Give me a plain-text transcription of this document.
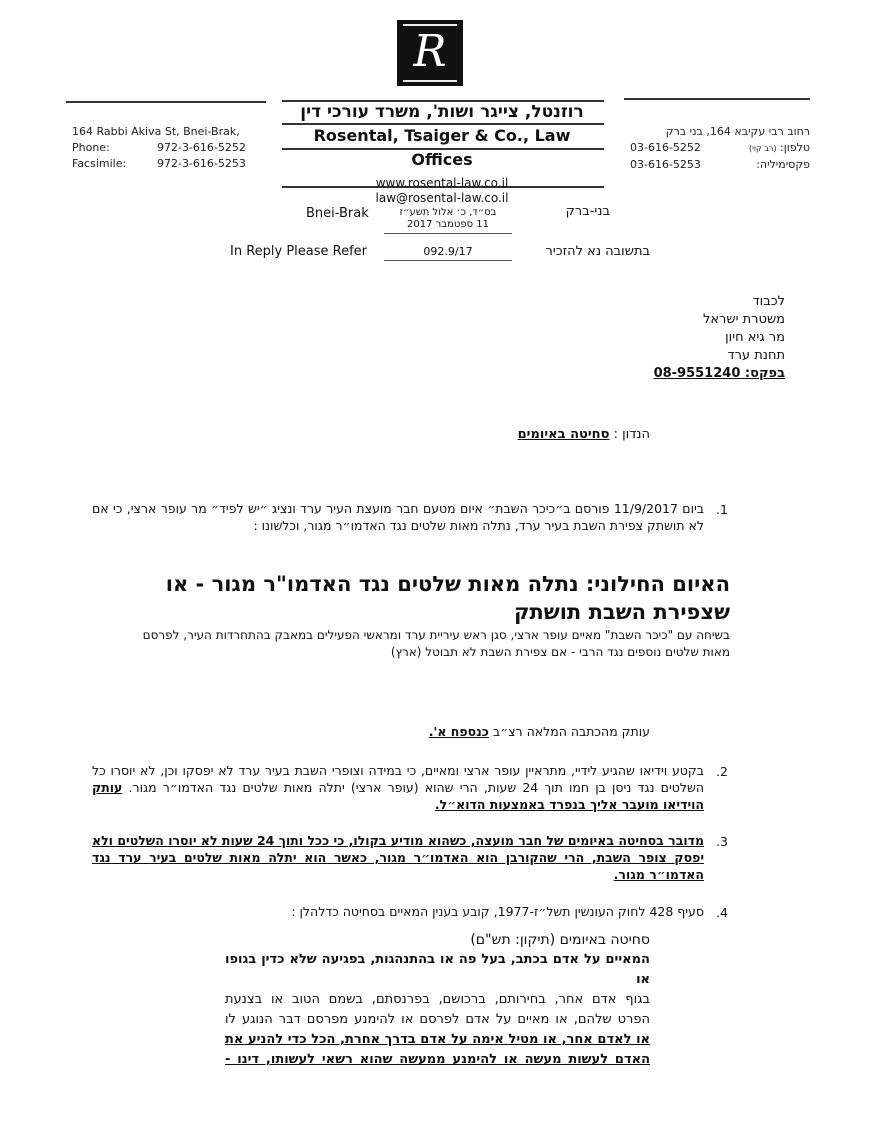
R
רוזנטל, צייגר ושות', משרד עורכי דין
Rosental, Tsaiger & Co., Law Offices
www.rosental-law.co.il
law@rosental-law.co.il
164 Rabbi Akiva St, Bnei-Brak,
Phone:	972-3-616-5252
Facsimile:	972-3-616-5253
רחוב רבי עקיבא 164, בני ברק
טלפון: (רב קוי)
03-616-5252
פקסימיליה:
03-616-5253
Bnei-Brak	בס״ד, כ׳ אלול תשע״ז
11 ספטמבר 2017
בני-ברק
In Reply Please Refer	092.9/17	בתשובה נא להזכיר
לכבוד
משטרת ישראל
מר גיא חיון
תחנת ערד
בפקס: 08-9551240
הנדון : סחיטה באיומים
.1
ביום 11/9/2017 פורסם ב״כיכר השבת״ איום מטעם חבר מועצת העיר ערד ונציג ״יש לפיד״ מר עופר ארצי, כי אם לא תושתק צפירת השבת בעיר ערד, נתלה מאות שלטים נגד האדמו״ר מגור, וכלשונו :
האיום החילוני: נתלה מאות שלטים נגד האדמו"ר מגור - או שצפירת השבת תושתק
בשיחה עם "כיכר השבת" מאיים עופר ארצי, סגן ראש עיריית ערד ומראשי הפעילים במאבק בהתחרדות העיר, לפרסם מאות שלטים נוספים נגד הרבי - אם צפירת השבת לא תבוטל (ארץ)
עותק מהכתבה המלאה רצ״ב כנספח א'.
.2
בקטע וידיאו שהגיע לידיי, מתראיין עופר ארצי ומאיים, כי במידה וצופרי השבת בעיר ערד לא יפסקו וכן, לא יוסרו כל השלטים נגד ניסן בן חמו תוך 24 שעות, הרי שהוא (עופר ארצי) יתלה מאות שלטים נגד האדמו״ר מגור. עותק הוידיאו מועבר אליך בנפרד באמצעות הדוא״ל.
.3
מדובר בסחיטה באיומים של חבר מועצה, כשהוא מודיע בקולו, כי ככל ותוך 24 שעות לא יוסרו השלטים ולא יפסק צופר השבת, הרי שהקורבן הוא האדמו״ר מגור, כאשר הוא יתלה מאות שלטים בעיר ערד נגד האדמו״ר מגור.
.4
סעיף 428 לחוק העונשין תשל״ז-1977, קובע בענין המאיים בסחיטה כדלהלן :
סחיטה באיומים (תיקון: תש"ם)
המאיים על אדם בכתב, בעל פה או בהתנהגות, בפגיעה שלא כדין בגופו או
בגוף אדם אחר, בחירותם, ברכושם, בפרנסתם, בשמם הטוב או בצנעת
הפרט שלהם, או מאיים על אדם לפרסם או להימנע מפרסם דבר הנוגע לו
או לאדם אחר, או מטיל אימה על אדם בדרך אחרת, הכל כדי להניע את
האדם לעשות מעשה או להימנע ממעשה שהוא רשאי לעשותו, דינו -
